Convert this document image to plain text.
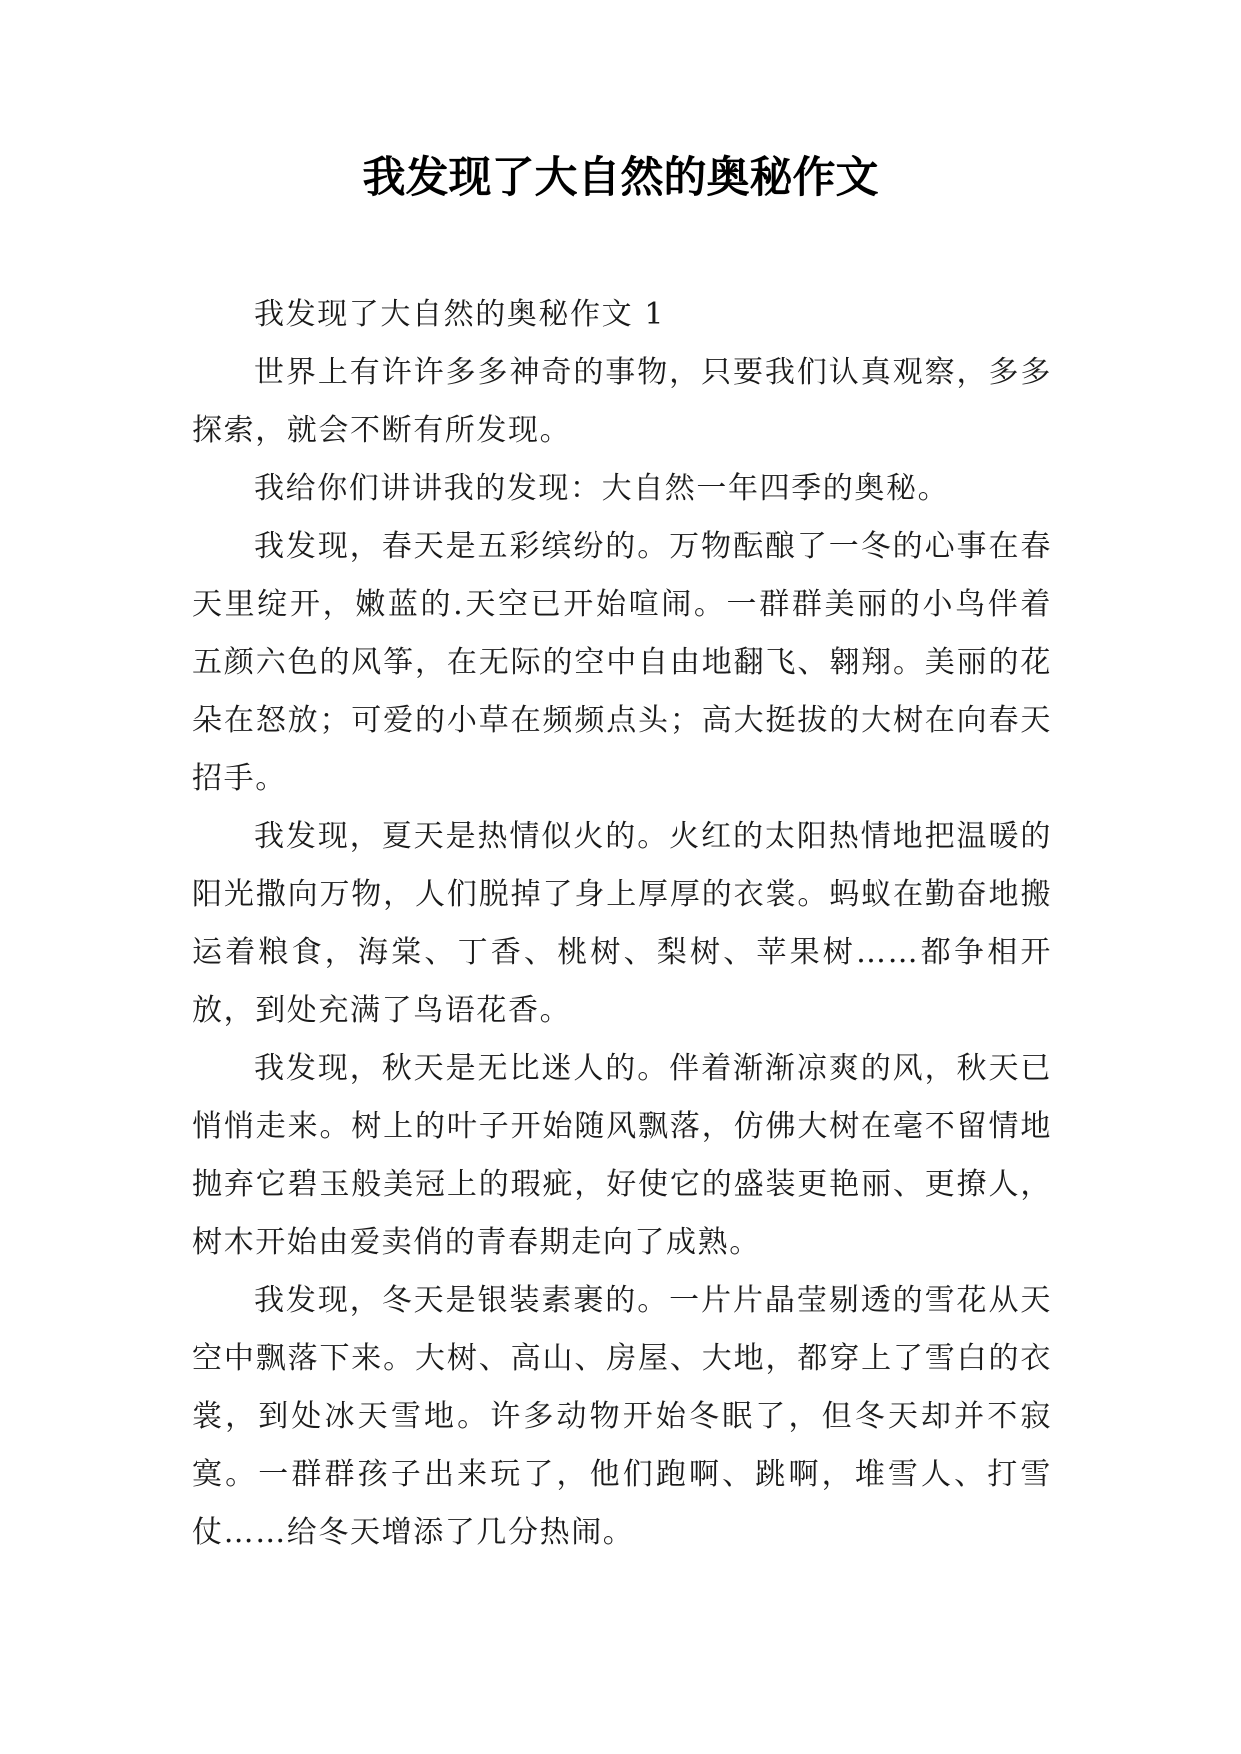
我发现了大自然的奥秘作文

我发现了大自然的奥秘作文 1

世界上有许许多多神奇的事物，只要我们认真观察，多多探索，就会不断有所发现。

我给你们讲讲我的发现：大自然一年四季的奥秘。

我发现，春天是五彩缤纷的。万物酝酿了一冬的心事在春天里绽开，嫩蓝的.天空已开始喧闹。一群群美丽的小鸟伴着五颜六色的风筝，在无际的空中自由地翻飞、翱翔。美丽的花朵在怒放；可爱的小草在频频点头；高大挺拔的大树在向春天招手。

我发现，夏天是热情似火的。火红的太阳热情地把温暖的阳光撒向万物，人们脱掉了身上厚厚的衣裳。蚂蚁在勤奋地搬运着粮食，海棠、丁香、桃树、梨树、苹果树……都争相开放，到处充满了鸟语花香。

我发现，秋天是无比迷人的。伴着渐渐凉爽的风，秋天已悄悄走来。树上的叶子开始随风飘落，仿佛大树在毫不留情地抛弃它碧玉般美冠上的瑕疵，好使它的盛装更艳丽、更撩人，树木开始由爱卖俏的青春期走向了成熟。

我发现，冬天是银装素裹的。一片片晶莹剔透的雪花从天空中飘落下来。大树、高山、房屋、大地，都穿上了雪白的衣裳，到处冰天雪地。许多动物开始冬眠了，但冬天却并不寂寞。一群群孩子出来玩了，他们跑啊、跳啊，堆雪人、打雪仗……给冬天增添了几分热闹。
